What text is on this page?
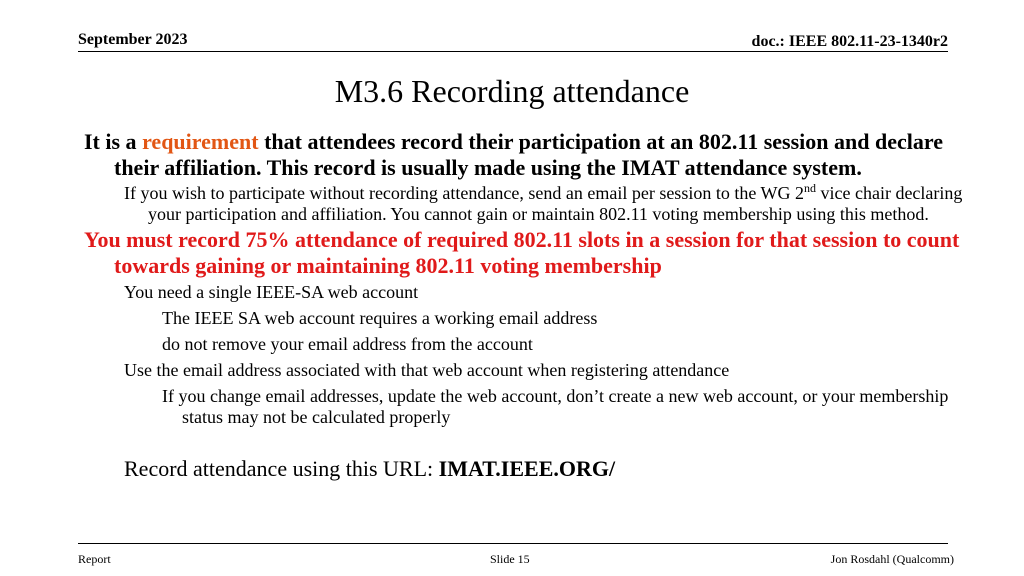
September 2023	doc.: IEEE 802.11-23-1340r2
M3.6 Recording attendance
It is a requirement that attendees record their participation at an 802.11 session and declare their affiliation. This record is usually made using the IMAT attendance system.
If you wish to participate without recording attendance, send an email per session to the WG 2nd vice chair declaring your participation and affiliation. You cannot gain or maintain 802.11 voting membership using this method.
You must record 75% attendance of required 802.11 slots in a session for that session to count towards gaining or maintaining 802.11 voting membership
You need a single IEEE-SA web account
The IEEE SA web account requires a working email address
do not remove your email address from the account
Use the email address associated with that web account when registering attendance
If you change email addresses, update the web account, don’t create a new web account, or your membership status may not be calculated properly
Record attendance using this URL: IMAT.IEEE.ORG/
Report	Slide 15	Jon Rosdahl (Qualcomm)
